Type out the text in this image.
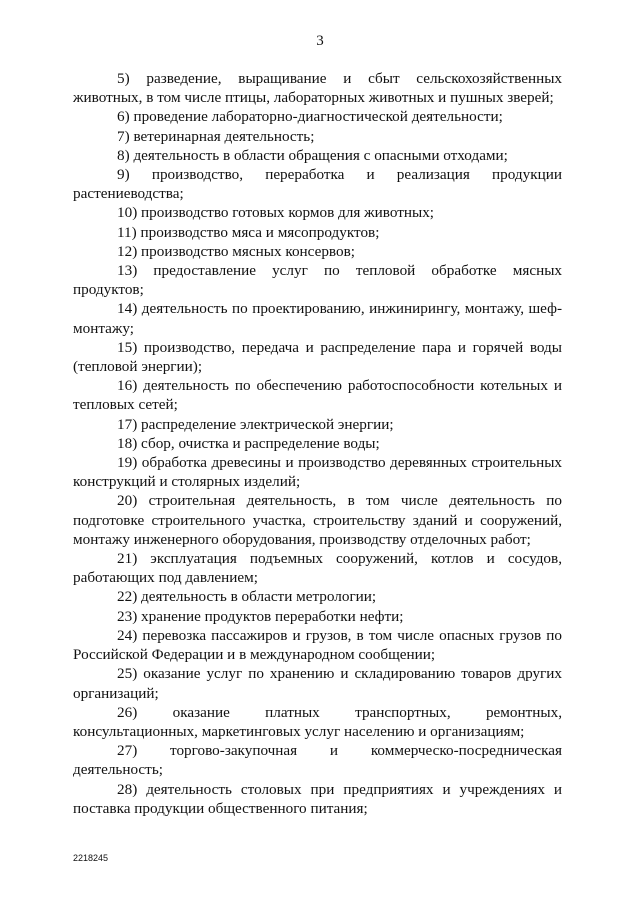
3
5) разведение, выращивание и сбыт сельскохозяйственных животных, в том числе птицы, лабораторных животных и пушных зверей;
6) проведение лабораторно-диагностической деятельности;
7) ветеринарная деятельность;
8) деятельность в области обращения с опасными отходами;
9) производство, переработка и реализация продукции растениеводства;
10) производство готовых кормов для животных;
11) производство мяса и мясопродуктов;
12) производство мясных консервов;
13) предоставление услуг по тепловой обработке мясных продуктов;
14) деятельность по проектированию, инжинирингу, монтажу, шеф-монтажу;
15) производство, передача и распределение пара и горячей воды (тепловой энергии);
16) деятельность по обеспечению работоспособности котельных и тепловых сетей;
17) распределение электрической энергии;
18) сбор, очистка и распределение воды;
19) обработка древесины и производство деревянных строительных конструкций и столярных изделий;
20) строительная деятельность, в том числе деятельность по подготовке строительного участка, строительству зданий и сооружений, монтажу инженерного оборудования, производству отделочных работ;
21) эксплуатация подъемных сооружений, котлов и сосудов, работающих под давлением;
22) деятельность в области метрологии;
23) хранение продуктов переработки нефти;
24) перевозка пассажиров и грузов, в том числе опасных грузов по Российской Федерации и в международном сообщении;
25) оказание услуг по хранению и складированию товаров других организаций;
26) оказание платных транспортных, ремонтных, консультационных, маркетинговых услуг населению и организациям;
27) торгово-закупочная и коммерческо-посредническая деятельность;
28) деятельность столовых при предприятиях и учреждениях и поставка продукции общественного питания;
2218245
